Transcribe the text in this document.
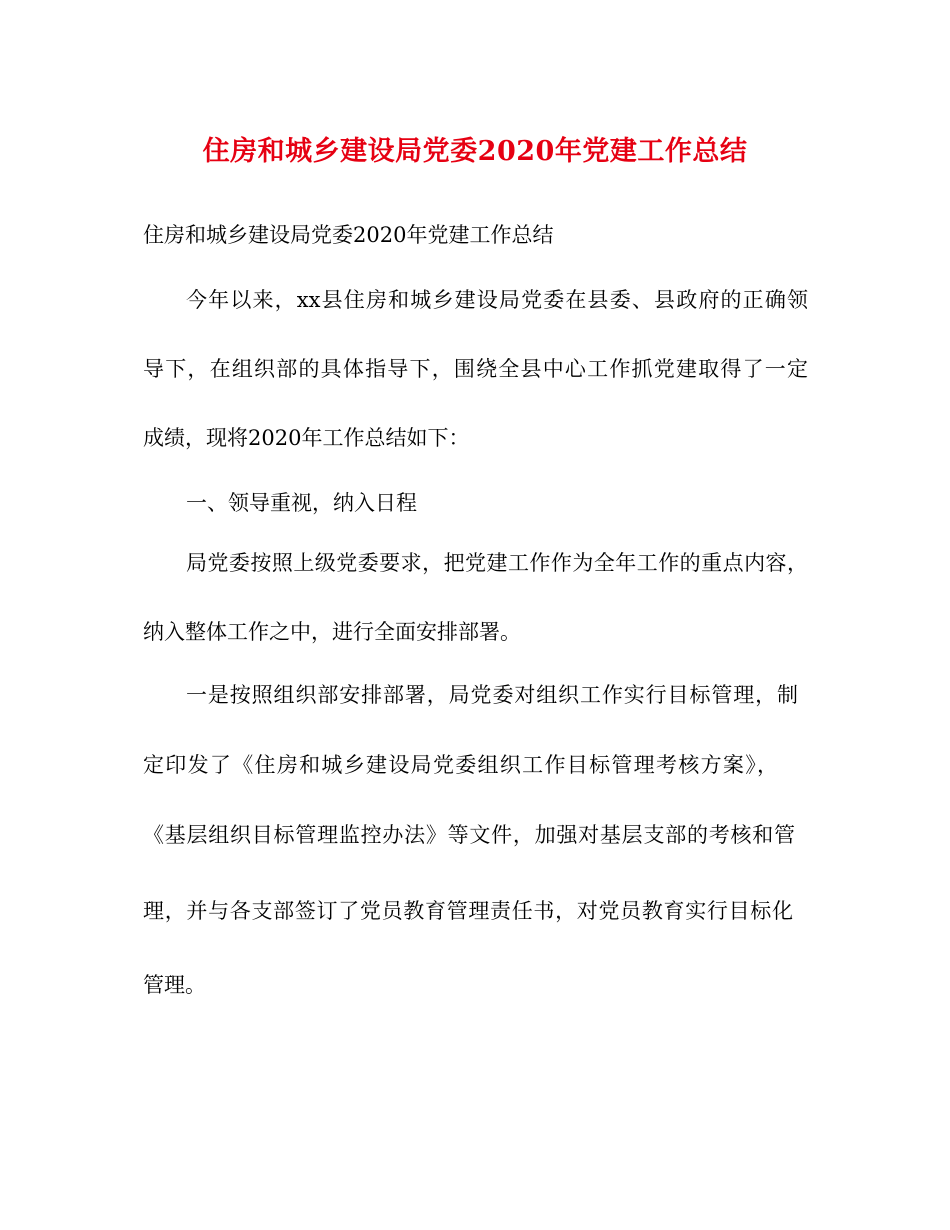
住房和城乡建设局党委2020年党建工作总结
住房和城乡建设局党委2020年党建工作总结
今年以来，xx县住房和城乡建设局党委在县委、县政府的正确领
导下，在组织部的具体指导下，围绕全县中心工作抓党建取得了一定
成绩，现将2020年工作总结如下：
一、领导重视，纳入日程
局党委按照上级党委要求，把党建工作作为全年工作的重点内容，
纳入整体工作之中，进行全面安排部署。
一是按照组织部安排部署，局党委对组织工作实行目标管理，制
定印发了《住房和城乡建设局党委组织工作目标管理考核方案》，
《基层组织目标管理监控办法》等文件，加强对基层支部的考核和管
理，并与各支部签订了党员教育管理责任书，对党员教育实行目标化
管理。
